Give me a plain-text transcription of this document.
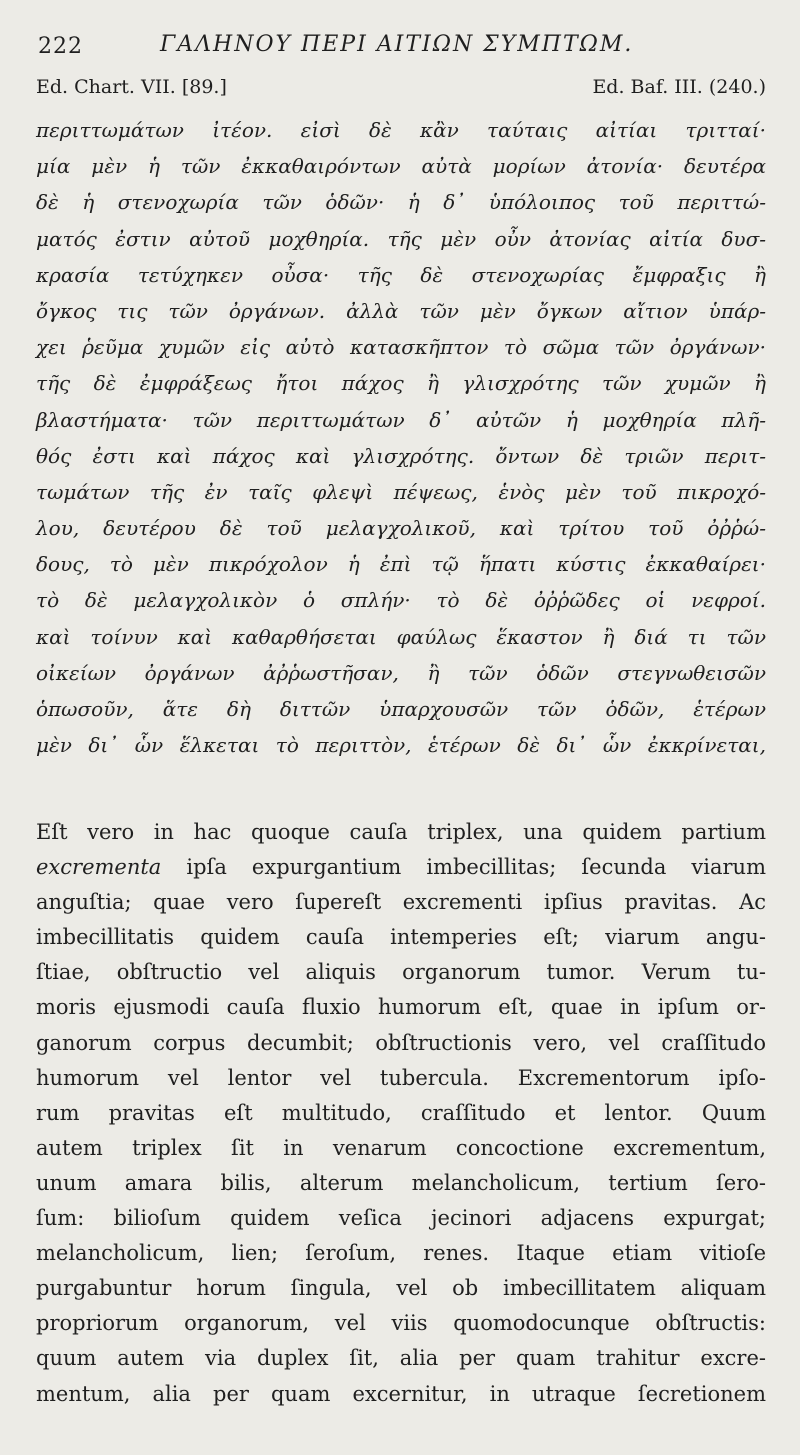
222	ΓΑΛΗΝΟΥ ΠΕΡΙ ΑΙΤΙΩΝ ΣΥΜΠΤΩΜ.
Ed. Chart. VII. [89.]	Ed. Baf. III. (240.)
περιττωμάτων ἰτέον. εἰσὶ δὲ κἂν ταύταις αἰτίαι τριτταί·
μία μὲν ἡ τῶν ἐκκαθαιρόντων αὐτὰ μορίων ἀτονία· δευτέρα
δὲ ἡ στενοχωρία τῶν ὁδῶν· ἡ δ᾽ ὑπόλοιπος τοῦ περιττώ-
ματός ἐστιν αὐτοῦ μοχθηρία. τῆς μὲν οὖν ἀτονίας αἰτία δυσ-
κρασία τετύχηκεν οὖσα· τῆς δὲ στενοχωρίας ἔμφραξις ἢ
ὄγκος τις τῶν ὀργάνων. ἀλλὰ τῶν μὲν ὄγκων αἴτιον ὑπάρ-
χει ῥεῦμα χυμῶν εἰς αὐτὸ κατασκῆπτον τὸ σῶμα τῶν ὀργάνων·
τῆς δὲ ἐμφράξεως ἤτοι πάχος ἢ γλισχρότης τῶν χυμῶν ἢ
βλαστήματα· τῶν περιττωμάτων δ᾽ αὐτῶν ἡ μοχθηρία πλῆ-
θός ἐστι καὶ πάχος καὶ γλισχρότης. ὄντων δὲ τριῶν περιτ-
τωμάτων τῆς ἐν ταῖς φλεψὶ πέψεως, ἑνὸς μὲν τοῦ πικροχό-
λου, δευτέρου δὲ τοῦ μελαγχολικοῦ, καὶ τρίτου τοῦ ὀῤῥώ-
δους, τὸ μὲν πικρόχολον ἡ ἐπὶ τῷ ἥπατι κύστις ἐκκαθαίρει·
τὸ δὲ μελαγχολικὸν ὁ σπλήν· τὸ δὲ ὀῤῥῶδες οἱ νεφροί.
καὶ τοίνυν καὶ καθαρθήσεται φαύλως ἕκαστον ἢ διά τι τῶν
οἰκείων ὀργάνων ἀῤῥωστῆσαν, ἢ τῶν ὁδῶν στεγνωθεισῶν
ὁπωσοῦν, ἅτε δὴ διττῶν ὑπαρχουσῶν τῶν ὁδῶν, ἑτέρων
μὲν δι᾽ ὧν ἕλκεται τὸ περιττὸν, ἑτέρων δὲ δι᾽ ὧν ἐκκρίνεται,
Eſt vero in hac quoque cauſa triplex, una quidem partium
excrementa ipſa expurgantium imbecillitas; ſecunda viarum
anguſtia; quae vero ſupereſt excrementi ipſius pravitas. Ac
imbecillitatis quidem cauſa intemperies eſt; viarum angu-
ſtiae, obſtructio vel aliquis organorum tumor. Verum tu-
moris ejusmodi cauſa fluxio humorum eſt, quae in ipſum or-
ganorum corpus decumbit; obſtructionis vero, vel craſſitudo
humorum vel lentor vel tubercula. Excrementorum ipſo-
rum pravitas eſt multitudo, craſſitudo et lentor. Quum
autem triplex ſit in venarum concoctione excrementum,
unum amara bilis, alterum melancholicum, tertium ſero-
ſum: bilioſum quidem veſica jecinori adjacens expurgat;
melancholicum, lien; ſeroſum, renes. Itaque etiam vitioſe
purgabuntur horum ſingula, vel ob imbecillitatem aliquam
propriorum organorum, vel viis quomodocunque obſtructis:
quum autem via duplex ſit, alia per quam trahitur excre-
mentum, alia per quam excernitur, in utraque ſecretionem
